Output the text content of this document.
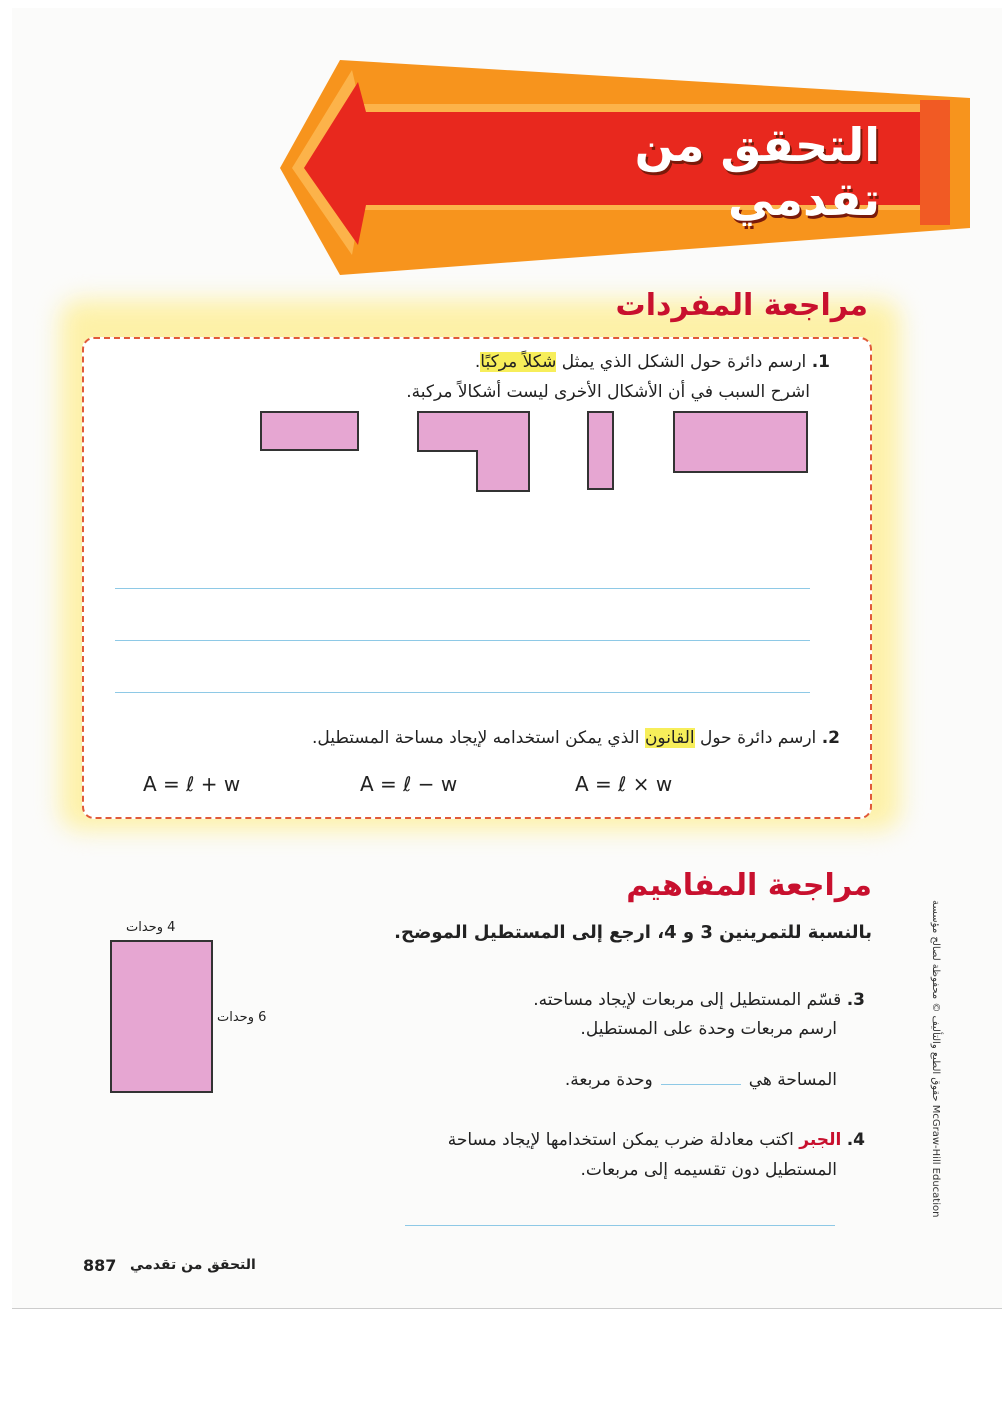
التحقق من تقدمي
مراجعة المفردات
1. ارسم دائرة حول الشكل الذي يمثل شكلاً مركبًا.
اشرح السبب في أن الأشكال الأخرى ليست أشكالاً مركبة.
2. ارسم دائرة حول القانون الذي يمكن استخدامه لإيجاد مساحة المستطيل.
A = ℓ + w	A = ℓ − w	A = ℓ × w
مراجعة المفاهيم
بالنسبة للتمرينين 3 و 4، ارجع إلى المستطيل الموضح.
4 وحدات
6 وحدات
3. قسّم المستطيل إلى مربعات لإيجاد مساحته.
ارسم مربعات وحدة على المستطيل.
المساحة هيوحدة مربعة.
4. الجبر اكتب معادلة ضرب يمكن استخدامها لإيجاد مساحة
المستطيل دون تقسيمه إلى مربعات.
887 التحقق من تقدمي
حقوق الطبع والتأليف © محفوظة لصالح مؤسسة McGraw-Hill Education
